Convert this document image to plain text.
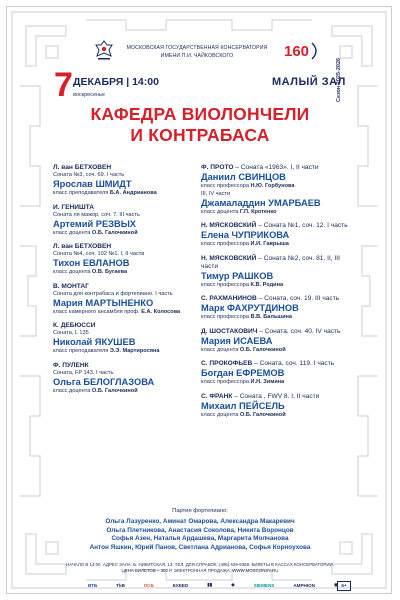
МОСКОВСКАЯ ГОСУДАРСТВЕННАЯ КОНСЕРВАТОРИЯ
ИМЕНИ П.И. ЧАЙКОВСКОГО	160
Сезон 2025-2026
7 ДЕКАБРЯ | 14:00
воскресенье
МАЛЫЙ ЗАЛ
КАФЕДРА ВИОЛОНЧЕЛИ
И КОНТРАБАСА
Л. ван БЕТХОВЕН
Соната №3, соч. 69. I часть
Ярослав ШМИДТ
класс преподавателя Б.А. Андрианова
И. ГЕНИШТА
Соната ля мажор, соч. 7. III часть
Артемий РЕЗВЫХ
класс доцента О.Б. Галочкиной
Л. ван БЕТХОВЕН
Соната №4, соч. 102 №1. I, II части
Тихон ЕВЛАНОВ
класс доцента О.В. Бугаева
В. МОНТАГ
Соната для контрабаса и фортепиано. I часть
Мария МАРТЫНЕНКО
класс камерного ансамбля проф. Е.А. Колосова
К. ДЕБЮССИ
Соната, L 135
Николай ЯКУШЕВ
класс преподавателя Э.Э. Мартиросяна
Ф. ПУЛЕНК
Соната, FP 143. I часть
Ольга БЕЛОГЛАЗОВА
класс доцента О.Б. Галочкиной
Ф. ПРОТО – Соната «1963». I, II части
Даниил СВИНЦОВ
класс профессора Н.Ю. Горбунова
III, IV части
Джамаладдин УМАРБАЕВ
класс доцента Г.П. Кротенко
Н. МЯСКОВСКИЙ – Соната №1, соч. 12. I часть
Елена ЧУПРИКОВА
класс профессора И.И. Гаврыша
Н. МЯСКОВСКИЙ – Соната №2, соч. 81. II, III части
Тимур РАШКОВ
класс профессора К.В. Родина
С. РАХМАНИНОВ – Соната, соч. 19. III часть
Марк ФАХРУТДИНОВ
класс профессора В.В. Бальшина
Д. ШОСТАКОВИЧ – Соната, соч. 40. IV часть
Мария ИСАЕВА
класс доцента О.Б. Галочкиной
С. ПРОКОФЬЕВ – Соната, соч. 119. I часть
Богдан ЕФРЕМОВ
класс профессора И.Н. Зимина
С. ФРАНК – Соната , FWV 8. I, II части
Михаил ПЕЙСЕЛЬ
класс доцента О.Б. Галочкиной
Партия фортепиано:
Ольга Лазуренко, Аминат Омарова, Александра Макаревич
Ольга Плетникова, Анастасия Соколова, Никита Воронцов
Софья Азен, Наталья Ардашева, Маргарита Молчанова
Антон Яшкин, Юрий Панов, Светлана Адрианова, Софья Корноухова
НАЧАЛО В 14:00. АДРЕС ЗАЛА: Б. НИКИТСКАЯ, 13. ТЕЛ. ДЛЯ СПРАВОК: (495) 629-9368. БИЛЕТЫ В КАССАХ КОНСЕРВАТОРИИ.
ЦЕНА БИЛЕТОВ – 300 Р. ЭЛЕКТРОННАЯ ПРОДАЖА: WWW.MOSCONSV.RU
ВТБ	TkB	ПСБ	EXEED	▮▮	◆	SIEMENS	AMPHION	◉ 6+
